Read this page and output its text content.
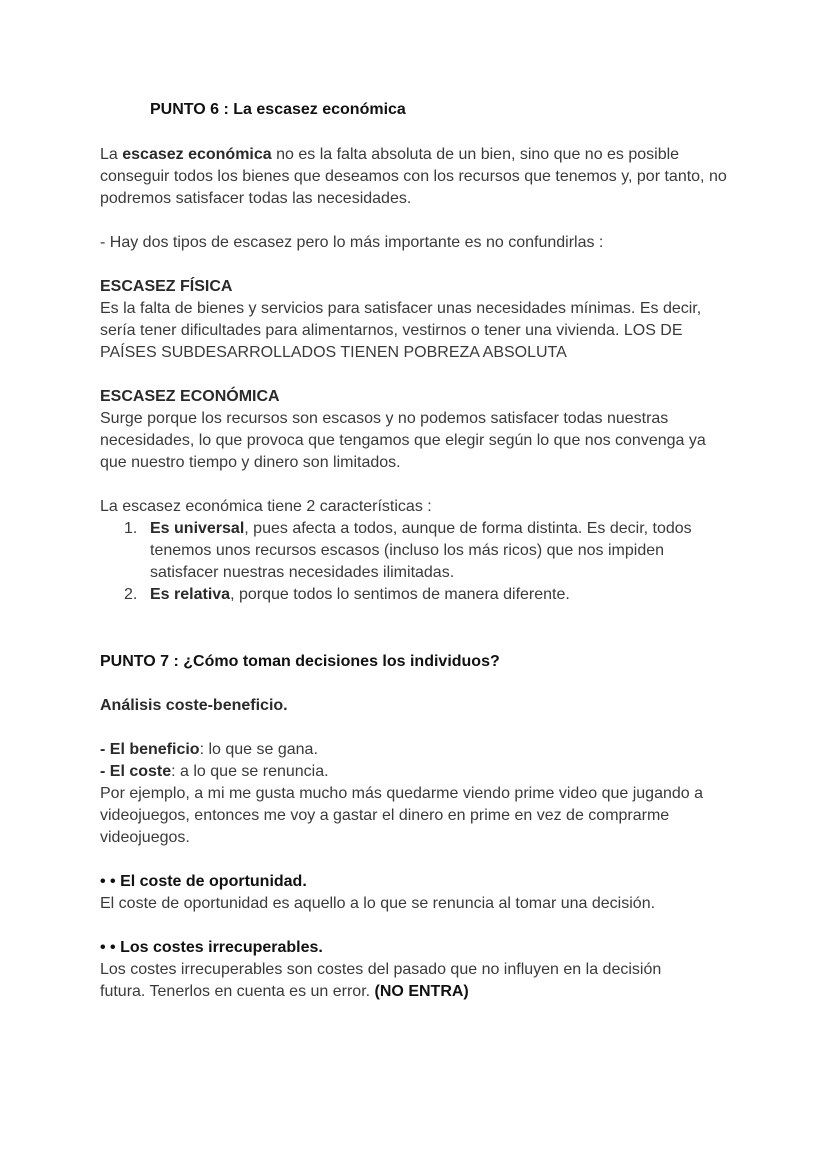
PUNTO 6 : La escasez económica

La escasez económica no es la falta absoluta de un bien, sino que no es posible conseguir todos los bienes que deseamos con los recursos que tenemos y, por tanto, no podremos satisfacer todas las necesidades.

- Hay dos tipos de escasez pero lo más importante es no confundirlas :

ESCASEZ FÍSICA

Es la falta de bienes y servicios para satisfacer unas necesidades mínimas. Es decir, sería tener dificultades para alimentarnos, vestirnos o tener una vivienda. LOS DE PAÍSES SUBDESARROLLADOS TIENEN POBREZA ABSOLUTA

ESCASEZ ECONÓMICA

Surge porque los recursos son escasos y no podemos satisfacer todas nuestras necesidades, lo que provoca que tengamos que elegir según lo que nos convenga ya que nuestro tiempo y dinero son limitados.

La escasez económica tiene 2 características :

1. Es universal, pues afecta a todos, aunque de forma distinta. Es decir, todos tenemos unos recursos escasos (incluso los más ricos) que nos impiden satisfacer nuestras necesidades ilimitadas.
2. Es relativa, porque todos lo sentimos de manera diferente.
PUNTO 7 : ¿Cómo toman decisiones los individuos?
Análisis coste-beneficio.

- El beneficio: lo que se gana.

- El coste: a lo que se renuncia.

Por ejemplo, a mi me gusta mucho más quedarme viendo prime video que jugando a videojuegos, entonces me voy a gastar el dinero en prime en vez de comprarme videojuegos.

• • El coste de oportunidad.

El coste de oportunidad es aquello a lo que se renuncia al tomar una decisión.

• • Los costes irrecuperables.

Los costes irrecuperables son costes del pasado que no influyen en la decisión futura. Tenerlos en cuenta es un error. (NO ENTRA)
